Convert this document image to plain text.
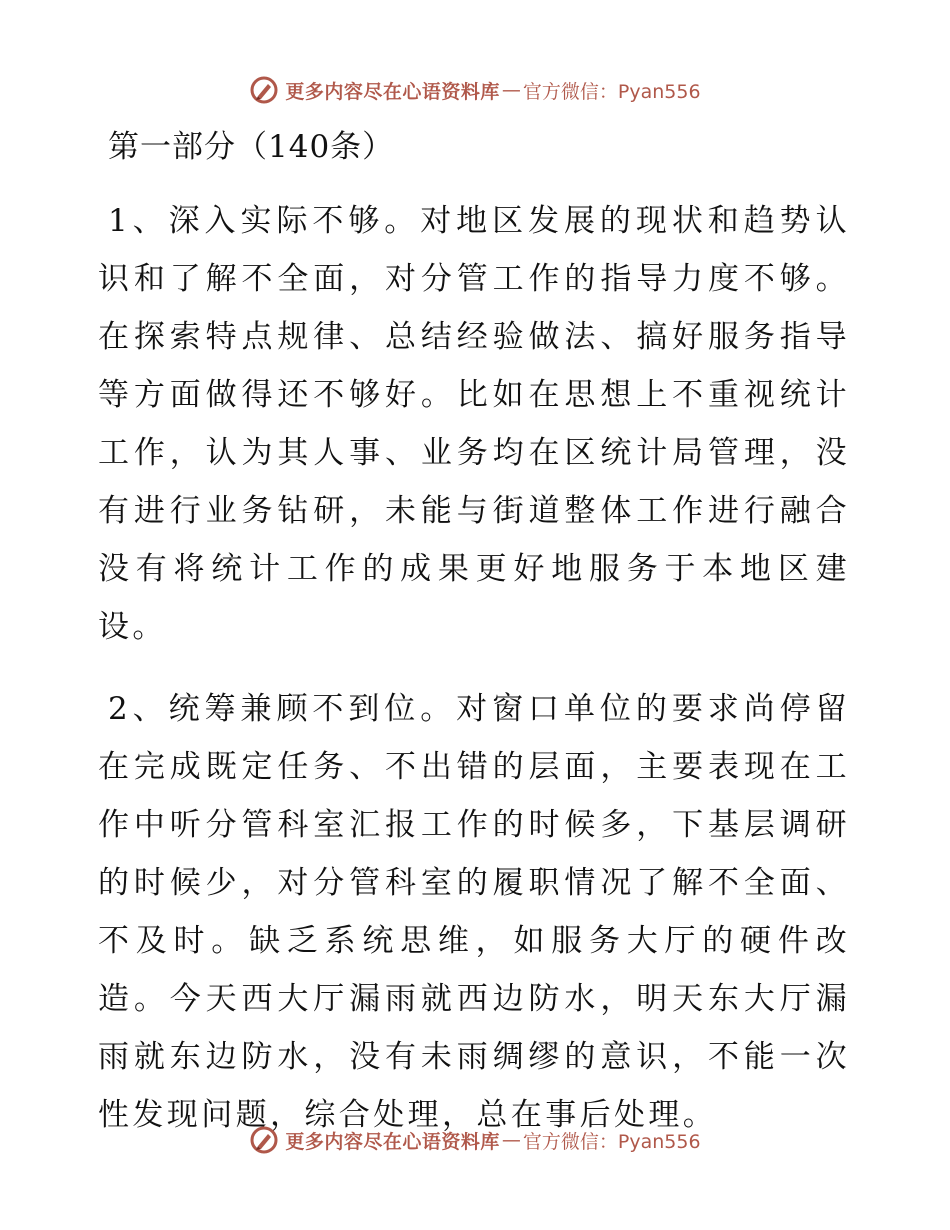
更多内容尽在心语资料库 — 官方微信：Pyan556
第一部分（140条）

1、深入实际不够。对地区发展的现状和趋势认识和了解不全面，对分管工作的指导力度不够。在探索特点规律、总结经验做法、搞好服务指导等方面做得还不够好。比如在思想上不重视统计工作，认为其人事、业务均在区统计局管理，没有进行业务钻研，未能与街道整体工作进行融合没有将统计工作的成果更好地服务于本地区建设。

2、统筹兼顾不到位。对窗口单位的要求尚停留在完成既定任务、不出错的层面，主要表现在工作中听分管科室汇报工作的时候多，下基层调研的时候少，对分管科室的履职情况了解不全面、不及时。缺乏系统思维，如服务大厅的硬件改造。今天西大厅漏雨就西边防水，明天东大厅漏雨就东边防水，没有未雨绸缪的意识，不能一次性发现问题，综合处理，总在事后处理。

更多内容尽在心语资料库 — 官方微信：Pyan556
